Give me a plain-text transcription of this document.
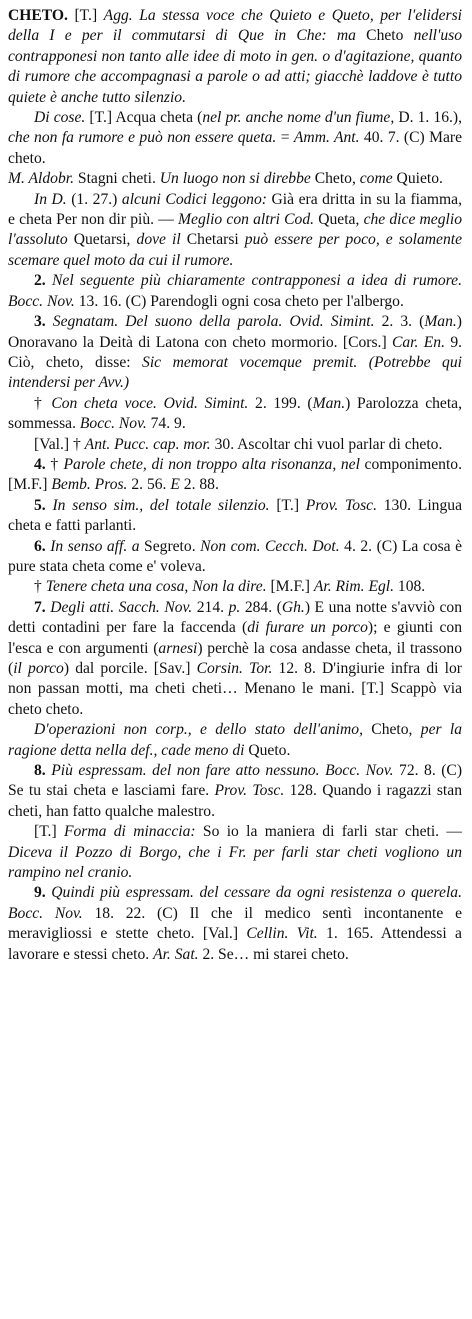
CHETO. [T.] Agg. La stessa voce che Quieto e Queto, per l'elidersi della I e per il commutarsi di Que in Che: ma Cheto nell'uso contrapponesi non tanto alle idee di moto in gen. o d'agitazione, quanto di rumore che accompagnasi a parole o ad atti; giacchè laddove è tutto quiete è anche tutto silenzio.

Di cose. [T.] Acqua cheta (nel pr. anche nome d'un fiume, D. 1. 16.), che non fa rumore e può non essere queta. = Amm. Ant. 40. 7. (C) Mare cheto.

M. Aldobr. Stagni cheti. Un luogo non si direbbe Cheto, come Quieto.

In D. (1. 27.) alcuni Codici leggono: Già era dritta in su la fiamma, e cheta Per non dir più. — Meglio con altri Cod. Queta, che dice meglio l'assoluto Quetarsi, dove il Chetarsi può essere per poco, e solamente scemare quel moto da cui il rumore.

2. Nel seguente più chiaramente contrapponesi a idea di rumore. Bocc. Nov. 13. 16. (C) Parendogli ogni cosa cheto per l'albergo.

3. Segnatam. Del suono della parola. Ovid. Simint. 2. 3. (Man.) Onoravano la Deità di Latona con cheto mormorio. [Cors.] Car. En. 9. Ciò, cheto, disse: Sic memorat vocemque premit. (Potrebbe qui intendersi per Avv.)

† Con cheta voce. Ovid. Simint. 2. 199. (Man.) Parolozza cheta, sommessa. Bocc. Nov. 74. 9.

[Val.] † Ant. Pucc. cap. mor. 30. Ascoltar chi vuol parlar di cheto.

4. † Parole chete, di non troppo alta risonanza, nel componimento. [M.F.] Bemb. Pros. 2. 56. E 2. 88.

5. In senso sim., del totale silenzio. [T.] Prov. Tosc. 130. Lingua cheta e fatti parlanti.

6. In senso aff. a Segreto. Non com. Cecch. Dot. 4. 2. (C) La cosa è pure stata cheta come e' voleva.

† Tenere cheta una cosa, Non la dire. [M.F.] Ar. Rim. Egl. 108.

7. Degli atti. Sacch. Nov. 214. p. 284. (Gh.) E una notte s'avviò con detti contadini per fare la faccenda (di furare un porco); e giunti con l'esca e con argumenti (arnesi) perchè la cosa andasse cheta, il trassono (il porco) dal porcile. [Sav.] Corsin. Tor. 12. 8. D'ingiurie infra di lor non passan motti, ma cheti cheti… Menano le mani. [T.] Scappò via cheto cheto.

D'operazioni non corp., e dello stato dell'animo, Cheto, per la ragione detta nella def., cade meno di Queto.

8. Più espressam. del non fare atto nessuno. Bocc. Nov. 72. 8. (C) Se tu stai cheta e lasciami fare. Prov. Tosc. 128. Quando i ragazzi stan cheti, han fatto qualche malestro.

[T.] Forma di minaccia: So io la maniera di farli star cheti. — Diceva il Pozzo di Borgo, che i Fr. per farli star cheti vogliono un rampino nel cranio.

9. Quindi più espressam. del cessare da ogni resistenza o querela. Bocc. Nov. 18. 22. (C) Il che il medico sentì incontanente e meravigliossi e stette cheto. [Val.] Cellin. Vit. 1. 165. Attendessi a lavorare e stessi cheto. Ar. Sat. 2. Se… mi starei cheto.
